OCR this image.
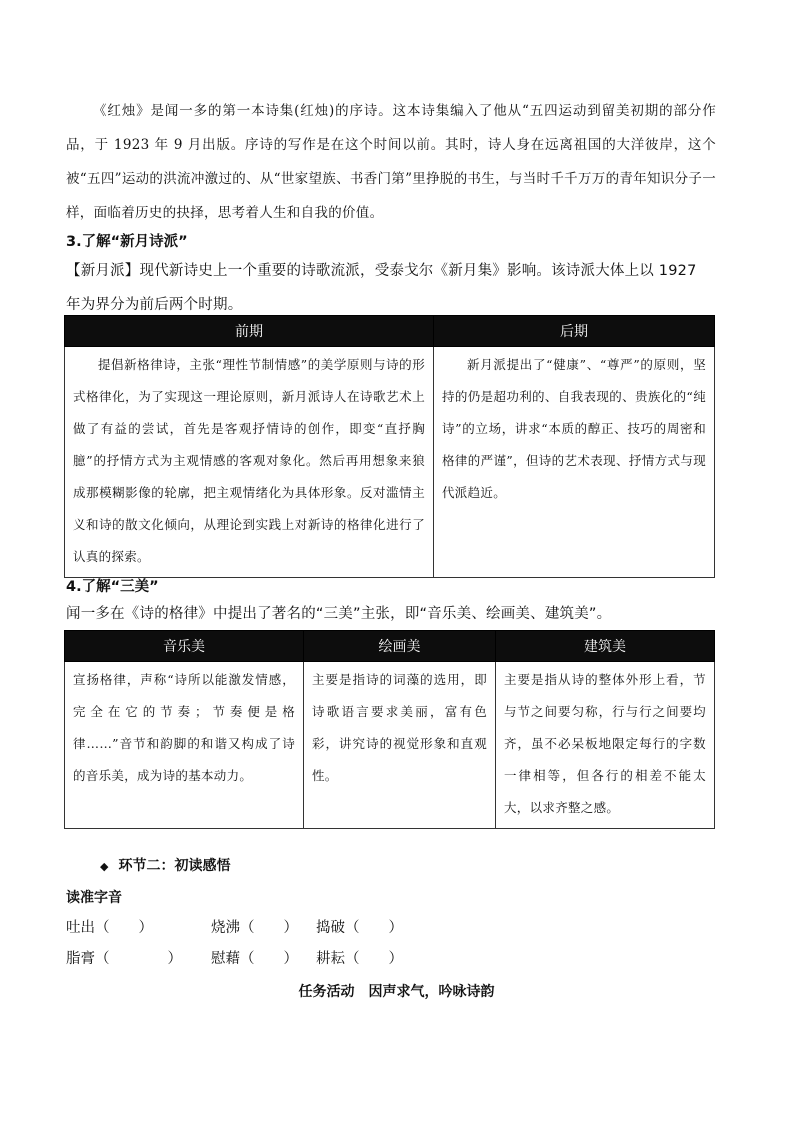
《红烛》是闻一多的第一本诗集(红烛)的序诗。这本诗集编入了他从“五四运动到留美初期的部分作品，于 1923 年 9 月出版。序诗的写作是在这个时间以前。其时，诗人身在远离祖国的大洋彼岸，这个被“五四”运动的洪流冲激过的、从“世家望族、书香门第”里挣脱的书生，与当时千千万万的青年知识分子一样，面临着历史的抉择，思考着人生和自我的价值。

3.了解“新月诗派”

【新月派】现代新诗史上一个重要的诗歌流派，受泰戈尔《新月集》影响。该诗派大体上以 1927 年为界分为前后两个时期。

前期	后期
提倡新格律诗，主张“理性节制情感”的美学原则与诗的形式格律化，为了实现这一理论原则，新月派诗人在诗歌艺术上做了有益的尝试，首先是客观抒情诗的创作，即变“直抒胸臆”的抒情方式为主观情感的客观对象化。然后再用想象来狼成那模糊影像的轮廓，把主观情绪化为具体形象。反对滥情主义和诗的散文化倾向，从理论到实践上对新诗的格律化进行了认真的探索。	新月派提出了“健康”、“尊严”的原则，坚持的仍是超功利的、自我表现的、贵族化的“纯诗”的立场，讲求“本质的醇正、技巧的周密和格律的严谨”，但诗的艺术表现、抒情方式与现代派趋近。

4.了解“三美”

闻一多在《诗的格律》中提出了著名的“三美”主张，即“音乐美、绘画美、建筑美”。

音乐美	绘画美	建筑美
宣扬格律，声称“诗所以能激发情感，完全在它的节奏；节奏便是格律……”音节和韵脚的和谐又构成了诗的音乐美，成为诗的基本动力。	主要是指诗的词藻的选用，即诗歌语言要求美丽，富有色彩，讲究诗的视觉形象和直观性。	主要是指从诗的整体外形上看，节与节之间要匀称，行与行之间要均齐，虽不必呆板地限定每行的字数一律相等，但各行的相差不能太大，以求齐整之感。
◆ 环节二：初读感悟
读准字音
吐出（　　）	烧沸（　　） 捣破（　　）
脂膏（　　　　） 慰藉（　　） 耕耘（　　）
任务活动　因声求气，吟咏诗韵
